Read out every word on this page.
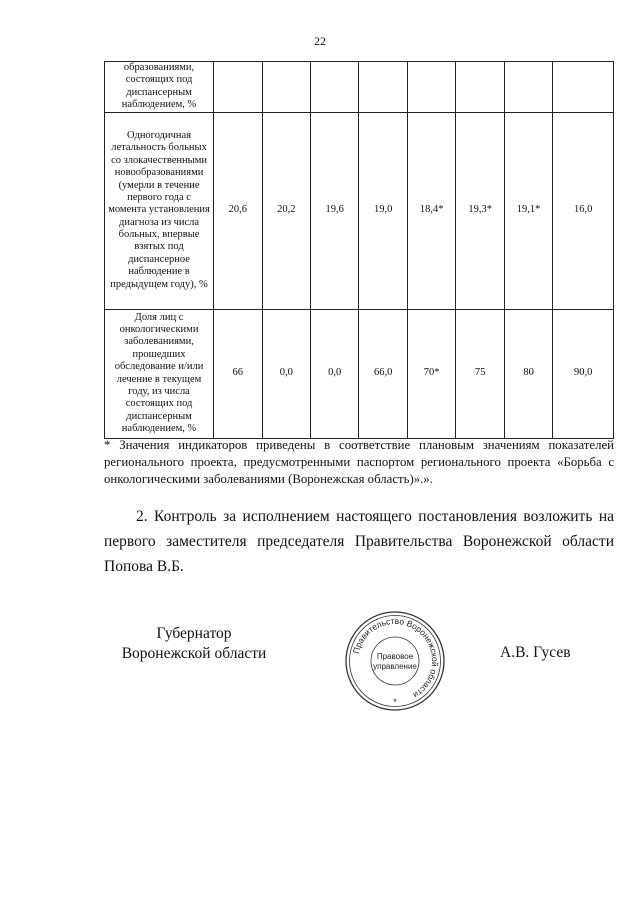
22
образованиями, состоящих под диспансерным наблюдением, %								
Одногодичная летальность больных со злокачественными новообразованиями (умерли в течение первого года с момента установления диагноза из числа больных, впервые взятых под диспансерное наблюдение в предыдущем году), %	20,6	20,2	19,6	19,0	18,4*	19,3*	19,1*	16,0
Доля лиц с онкологическими заболеваниями, прошедших обследование и/или лечение в текущем году, из числа состоящих под диспансерным наблюдением, %	66	0,0	0,0	66,0	70*	75	80	90,0
* Значения индикаторов приведены в соответствие плановым значениям показателей регионального проекта, предусмотренными паспортом регионального проекта «Борьба с онкологическими заболеваниями (Воронежская область)».».
2. Контроль за исполнением настоящего постановления возложить на первого заместителя председателя Правительства Воронежской области Попова В.Б.
Губернатор
Воронежской области	А.В. Гусев
Правительство Воронежской области
Правовое
управление
*
